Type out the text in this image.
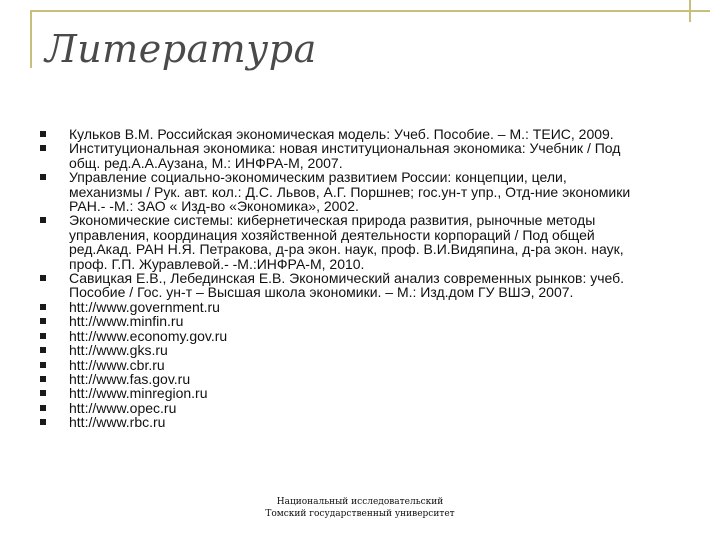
Литература
Кульков В.М. Российская экономическая модель: Учеб. Пособие. – М.: ТЕИС, 2009.
Институциональная экономика: новая институциональная экономика: Учебник / Под
общ. ред.А.А.Аузана, М.: ИНФРА-М, 2007.
Управление социально-экономическим развитием России: концепции, цели,
механизмы / Рук. авт. кол.: Д.С. Львов, А.Г. Поршнев; гос.ун-т упр., Отд-ние экономики
РАН.- -М.: ЗАО « Изд-во «Экономика», 2002.
Экономические системы: кибернетическая природа развития, рыночные методы
управления, координация хозяйственной деятельности корпораций / Под общей
ред.Акад. РАН Н.Я. Петракова, д-ра экон. наук, проф. В.И.Видяпина, д-ра экон. наук,
проф. Г.П. Журавлевой.- -М.:ИНФРА-М, 2010.
Савицкая Е.В., Лебединская Е.В. Экономический анализ современных рынков: учеб.
Пособие / Гос. ун-т – Высшая школа экономики. – М.: Изд.дом ГУ ВШЭ, 2007.
htt://www.government.ru
htt://www.minfin.ru
htt://www.economy.gov.ru
htt://www.gks.ru
htt://www.cbr.ru
htt://www.fas.gov.ru
htt://www.minregion.ru
htt://www.opec.ru
htt://www.rbc.ru
Национальный исследовательский
Томский государственный университет
